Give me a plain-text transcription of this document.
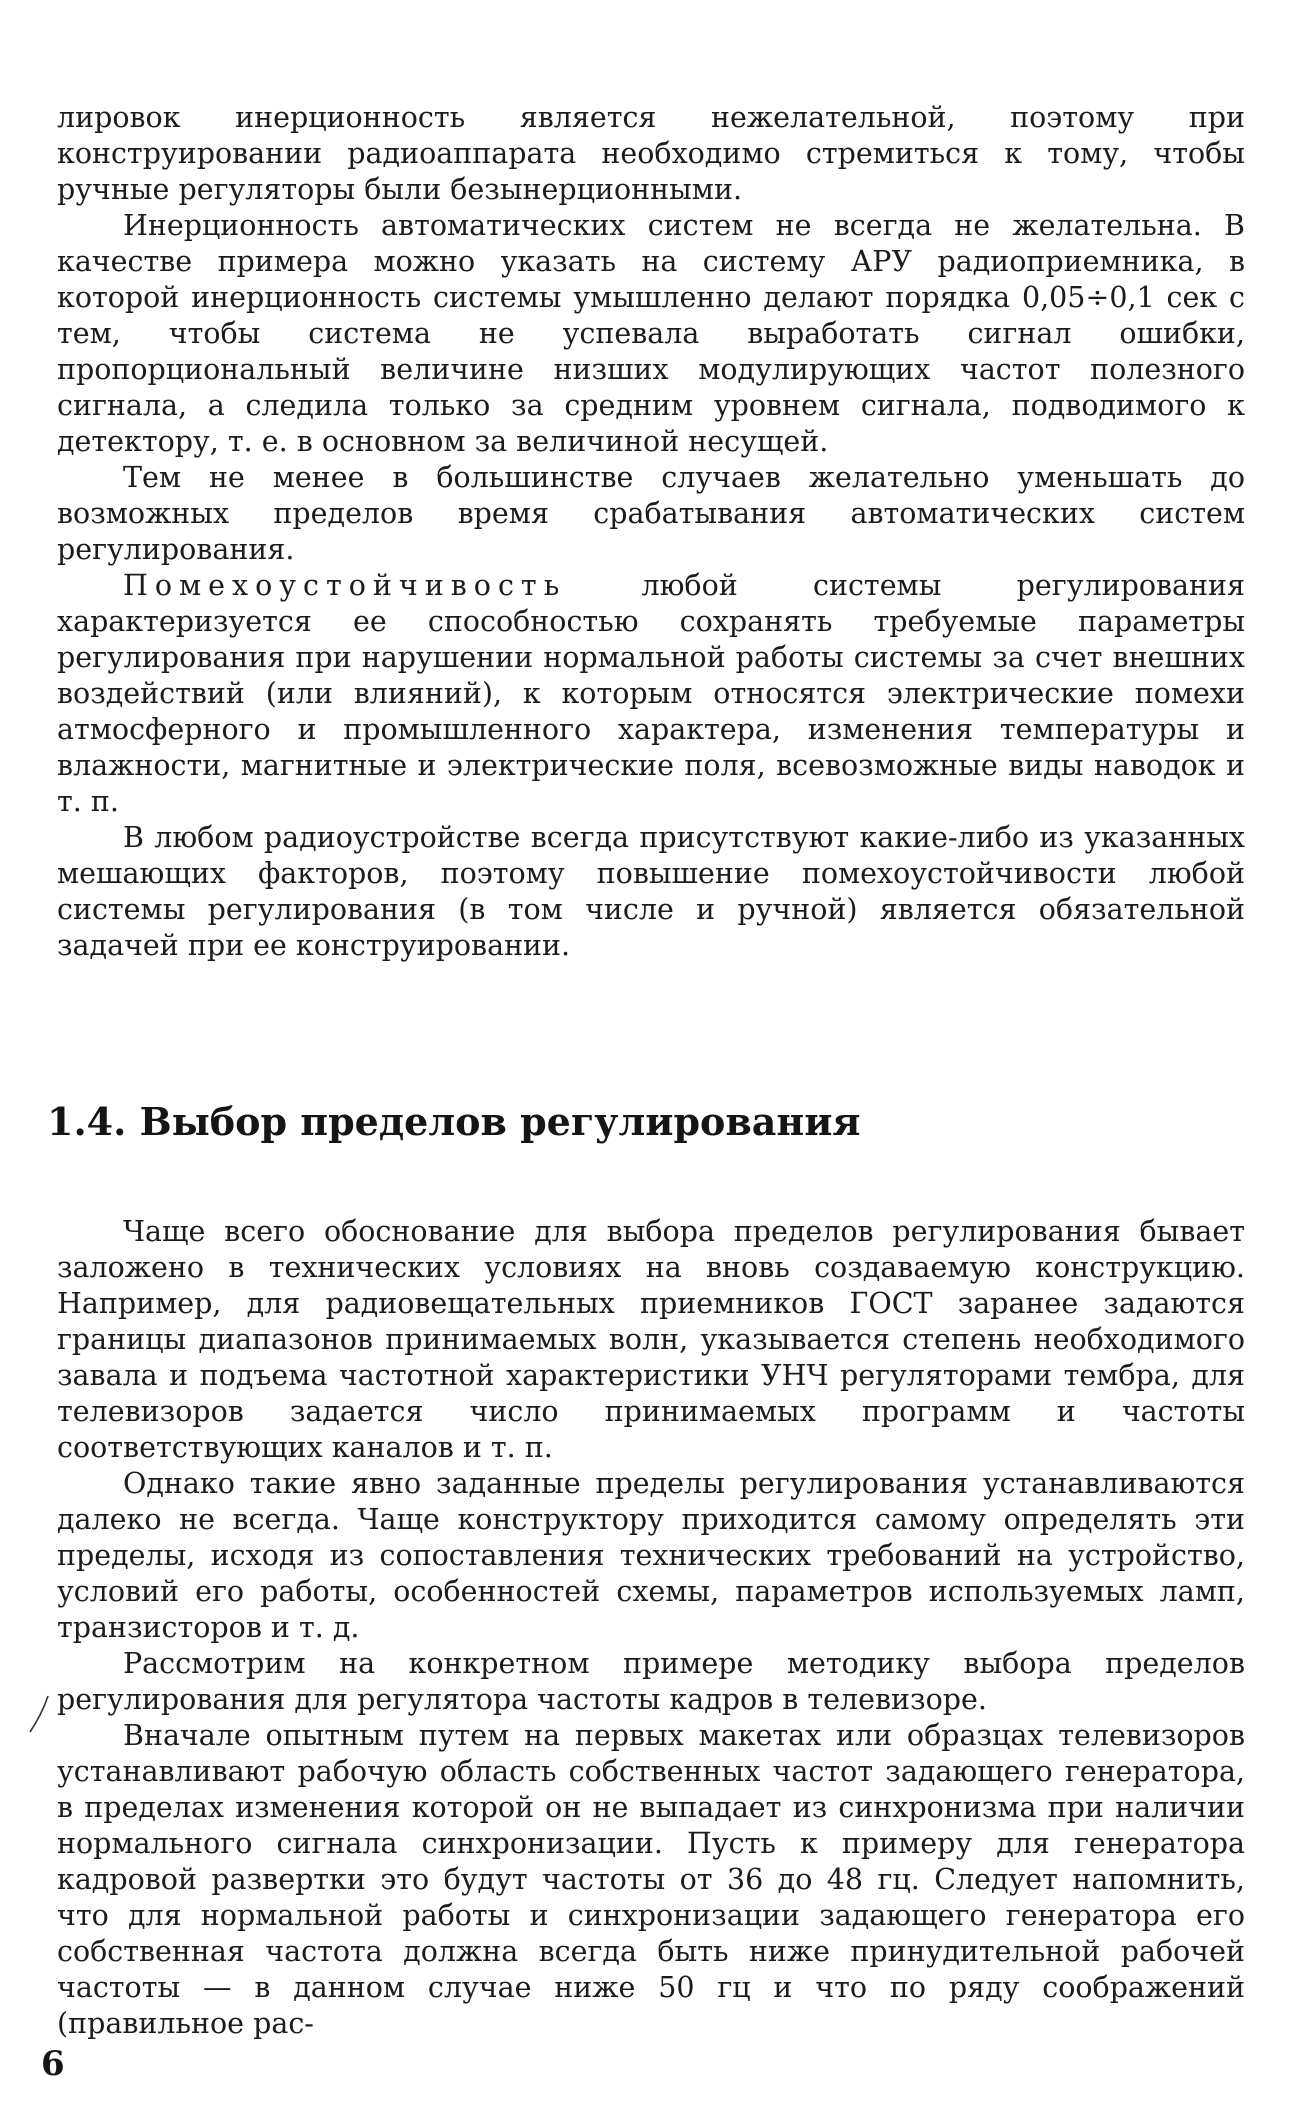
лировок инерционность является нежелательной, поэтому при конструировании радиоаппарата необходимо стремиться к тому, чтобы ручные регуляторы были безынерционными.

Инерционность автоматических систем не всегда не желательна. В качестве примера можно указать на систему АРУ радиоприемника, в которой инерционность системы умышленно делают порядка 0,05÷0,1 сек с тем, чтобы система не успевала выработать сигнал ошибки, пропорциональный величине низших модулирующих частот полезного сигнала, а следила только за средним уровнем сигнала, подводимого к детектору, т. е. в основном за величиной несущей.

Тем не менее в большинстве случаев желательно уменьшать до возможных пределов время срабатывания автоматических систем регулирования.

Помехоустойчивость	любой системы регулирования характеризуется ее способностью сохранять требуемые параметры регулирования при нарушении нормальной работы системы за счет внешних воздействий (или влияний), к которым относятся электрические помехи атмосферного и промышленного характера, изменения температуры и влажности, магнитные и электрические поля, всевозможные виды наводок и т. п.

В любом радиоустройстве всегда присутствуют какие-либо из указанных мешающих факторов, поэтому повышение помехоустойчивости любой системы регулирования (в том числе и ручной) является обязательной задачей при ее конструировании.

1.4. Выбор пределов регулирования

Чаще всего обоснование для выбора пределов регулирования бывает заложено в технических условиях на вновь создаваемую конструкцию. Например, для радиовещательных приемников ГОСТ заранее задаются границы диапазонов принимаемых волн, указывается степень необходимого завала и подъема частотной характеристики УНЧ регуляторами тембра, для телевизоров задается число принимаемых программ и частоты соответствующих каналов и т. п.

Однако такие явно заданные пределы регулирования устанавливаются далеко не всегда. Чаще конструктору приходится самому определять эти пределы, исходя из сопоставления технических требований на устройство, условий его работы, особенностей схемы, параметров используемых ламп, транзисторов и т. д.

Рассмотрим на конкретном примере методику выбора пределов регулирования для регулятора частоты кадров в телевизоре.

Вначале опытным путем на первых макетах или образцах телевизоров устанавливают рабочую область собственных частот задающего генератора, в пределах изменения которой он не выпадает из синхронизма при наличии нормального сигнала синхронизации. Пусть к примеру для генератора кадровой развертки это будут частоты от 36 до 48 гц. Следует напомнить, что для нормальной работы и синхронизации задающего генератора его собственная частота должна всегда быть ниже принудительной рабочей частоты — в данном случае ниже 50 гц и что по ряду соображений (правильное рас-

6
